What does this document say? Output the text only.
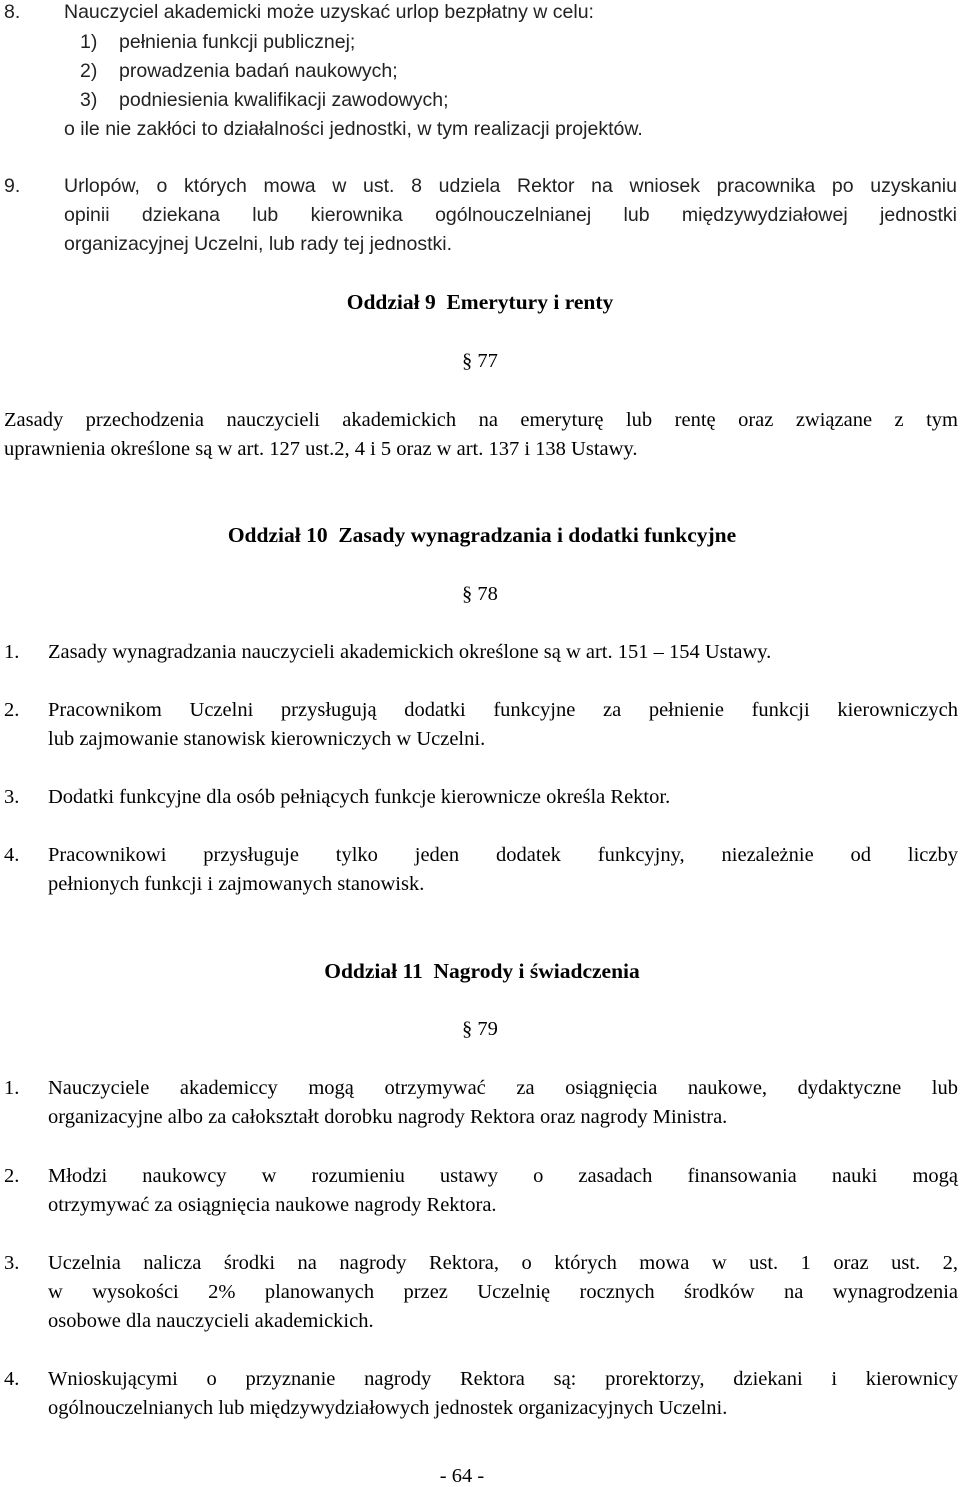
8. Nauczyciel akademicki może uzyskać urlop bezpłatny w celu:
1)    pełnienia funkcji publicznej;
2)    prowadzenia badań naukowych;
3)    podniesienia kwalifikacji zawodowych;
o ile nie zakłóci to działalności jednostki, w tym realizacji projektów.
9. Urlopów, o których mowa w ust. 8 udziela Rektor na wniosek pracownika po uzyskaniu
opinii dziekana lub kierownika ogólnouczelnianej lub międzywydziałowej jednostki
organizacyjnej Uczelni, lub rady tej jednostki.
Oddział 9  Emerytury i renty
§ 77
Zasady przechodzenia nauczycieli akademickich na emeryturę lub rentę oraz związane z tym
uprawnienia określone są w art. 127 ust.2, 4 i 5 oraz w art. 137 i 138 Ustawy.
Oddział 10  Zasady wynagradzania i dodatki funkcyjne
§ 78
1. Zasady wynagradzania nauczycieli akademickich określone są w art. 151 – 154 Ustawy.
2. Pracownikom Uczelni przysługują dodatki funkcyjne za pełnienie funkcji kierowniczych
lub zajmowanie stanowisk kierowniczych w Uczelni.
3. Dodatki funkcyjne dla osób pełniących funkcje kierownicze określa Rektor.
4. Pracownikowi przysługuje tylko jeden dodatek funkcyjny, niezależnie od liczby
pełnionych funkcji i zajmowanych stanowisk.
Oddział 11  Nagrody i świadczenia
§ 79
1. Nauczyciele akademiccy mogą otrzymywać za osiągnięcia naukowe, dydaktyczne lub
organizacyjne albo za całokształt dorobku nagrody Rektora oraz nagrody Ministra.
2. Młodzi naukowcy w rozumieniu ustawy o zasadach finansowania nauki mogą
otrzymywać za osiągnięcia naukowe nagrody Rektora.
3. Uczelnia nalicza środki na nagrody Rektora, o których mowa w ust. 1 oraz ust. 2,
w wysokości 2% planowanych przez Uczelnię rocznych środków na wynagrodzenia
osobowe dla nauczycieli akademickich.
4. Wnioskującymi o przyznanie nagrody Rektora są: prorektorzy, dziekani i kierownicy
ogólnouczelnianych lub międzywydziałowych jednostek organizacyjnych Uczelni.
- 64 -
